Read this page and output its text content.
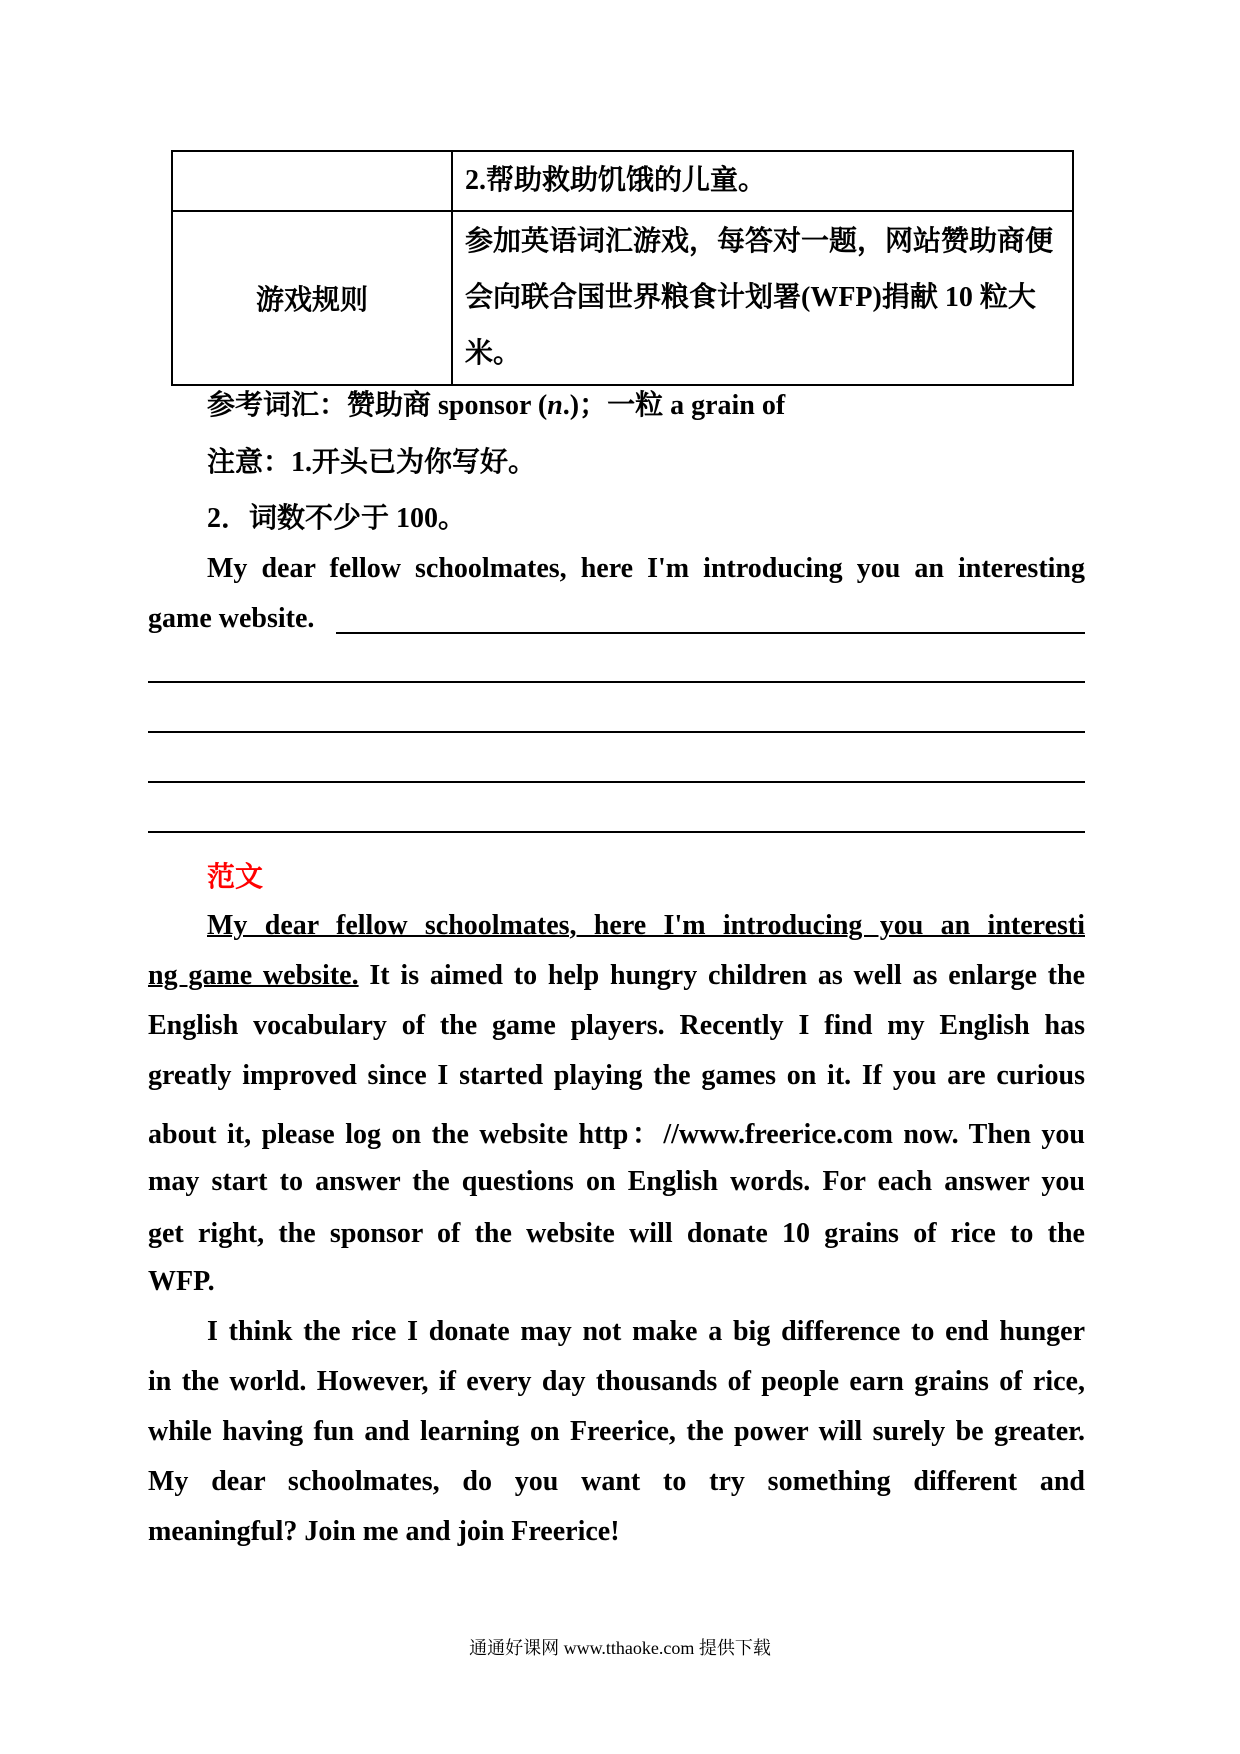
	2.帮助救助饥饿的儿童。
游戏规则	参加英语词汇游戏，每答对一题，网站赞助商便会向联合国世界粮食计划署(WFP)捐献 10 粒大米。
参考词汇：赞助商 sponsor (n.)；一粒 a grain of
注意：1.开头已为你写好。
2．词数不少于 100。
My dear fellow schoolmates, here I'm introducing you an interesting
game website.
范文
My dear fellow schoolmates, here I'm introducing you an interesti
ng game website. It is aimed to help hungry children as well as enlarge the
English vocabulary of the game players. Recently I find my English has
greatly improved since I started playing the games on it. If you are curious
about it, please log on the website http：//www.freerice.com now. Then you
may start to answer the questions on English words. For each answer you
get right, the sponsor of the website will donate 10 grains of rice to the
WFP.
I think the rice I donate may not make a big difference to end hunger
in the world. However, if every day thousands of people earn grains of rice,
while having fun and learning on Freerice, the power will surely be greater.
My dear schoolmates, do you want to try something different and
meaningful? Join me and join Freerice!
通通好课网 www.tthaoke.com 提供下载
